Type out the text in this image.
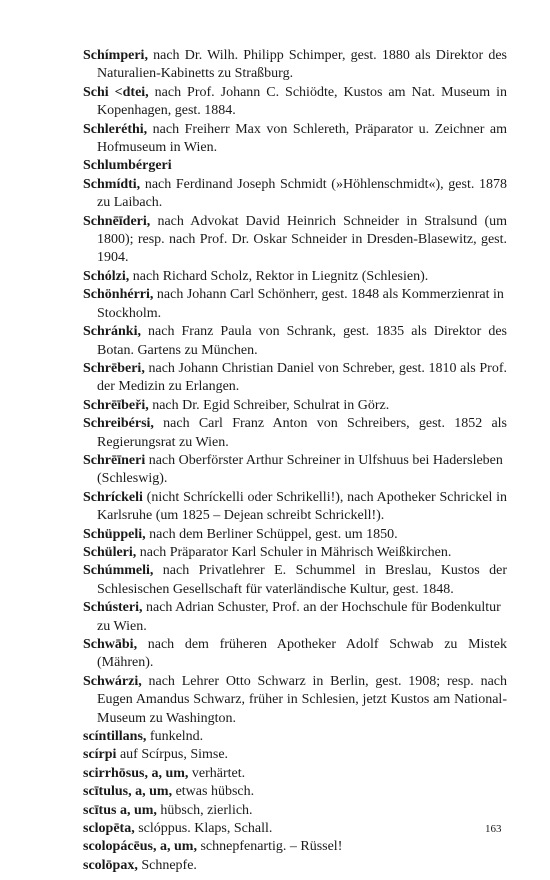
Schímperi, nach Dr. Wilh. Philipp Schimper, gest. 1880 als Direktor des Naturalien-Kabinetts zu Straßburg.
Schi <dtei, nach Prof. Johann C. Schiödte, Kustos am Nat. Museum in Kopenhagen, gest. 1884.
Schleréthi, nach Freiherr Max von Schlereth, Präparator u. Zeichner am Hofmuseum in Wien.
Schlumbérgeri
Schmídti, nach Ferdinand Joseph Schmidt (»Höhlenschmidt«), gest. 1878 zu Laibach.
Schnēīderi, nach Advokat David Heinrich Schneider in Stralsund (um 1800); resp. nach Prof. Dr. Oskar Schneider in Dresden-Blasewitz, gest. 1904.
Schólzi, nach Richard Scholz, Rektor in Liegnitz (Schlesien).
Schönhérri, nach Johann Carl Schönherr, gest. 1848 als Kommerzienrat in Stockholm.
Schránki, nach Franz Paula von Schrank, gest. 1835 als Direktor des Botan. Gartens zu München.
Schrēberi, nach Johann Christian Daniel von Schreber, gest. 1810 als Prof. der Medizin zu Erlangen.
Schrēībeři, nach Dr. Egid Schreiber, Schulrat in Görz.
Schreibérsi, nach Carl Franz Anton von Schreibers, gest. 1852 als Regierungsrat zu Wien.
Schrēīneri nach Oberförster Arthur Schreiner in Ulfshuus bei Hadersleben (Schleswig).
Schríckeli (nicht Schríckelli oder Schrikelli!), nach Apotheker Schrickel in Karlsruhe (um 1825 – Dejean schreibt Schrickell!).
Schüppeli, nach dem Berliner Schüppel, gest. um 1850.
Schüleri, nach Präparator Karl Schuler in Mährisch Weißkirchen.
Schúmmeli, nach Privatlehrer E. Schummel in Breslau, Kustos der Schlesischen Gesellschaft für vaterländische Kultur, gest. 1848.
Schústeri, nach Adrian Schuster, Prof. an der Hochschule für Bodenkultur zu Wien.
Schwābi, nach dem früheren Apotheker Adolf Schwab zu Mistek (Mähren).
Schwárzi, nach Lehrer Otto Schwarz in Berlin, gest. 1908; resp. nach Eugen Amandus Schwarz, früher in Schlesien, jetzt Kustos am National-Museum zu Washington.
scíntillans, funkelnd.
scírpi auf Scírpus, Simse.
scirrhōsus, a, um, verhärtet.
scītulus, a, um, etwas hübsch.
scītus a, um, hübsch, zierlich.
sclopēta, sclóppus. Klaps, Schall.
scolopácēus, a, um, schnepfenartig. – Rüssel!
scolōpax, Schnepfe.
163
